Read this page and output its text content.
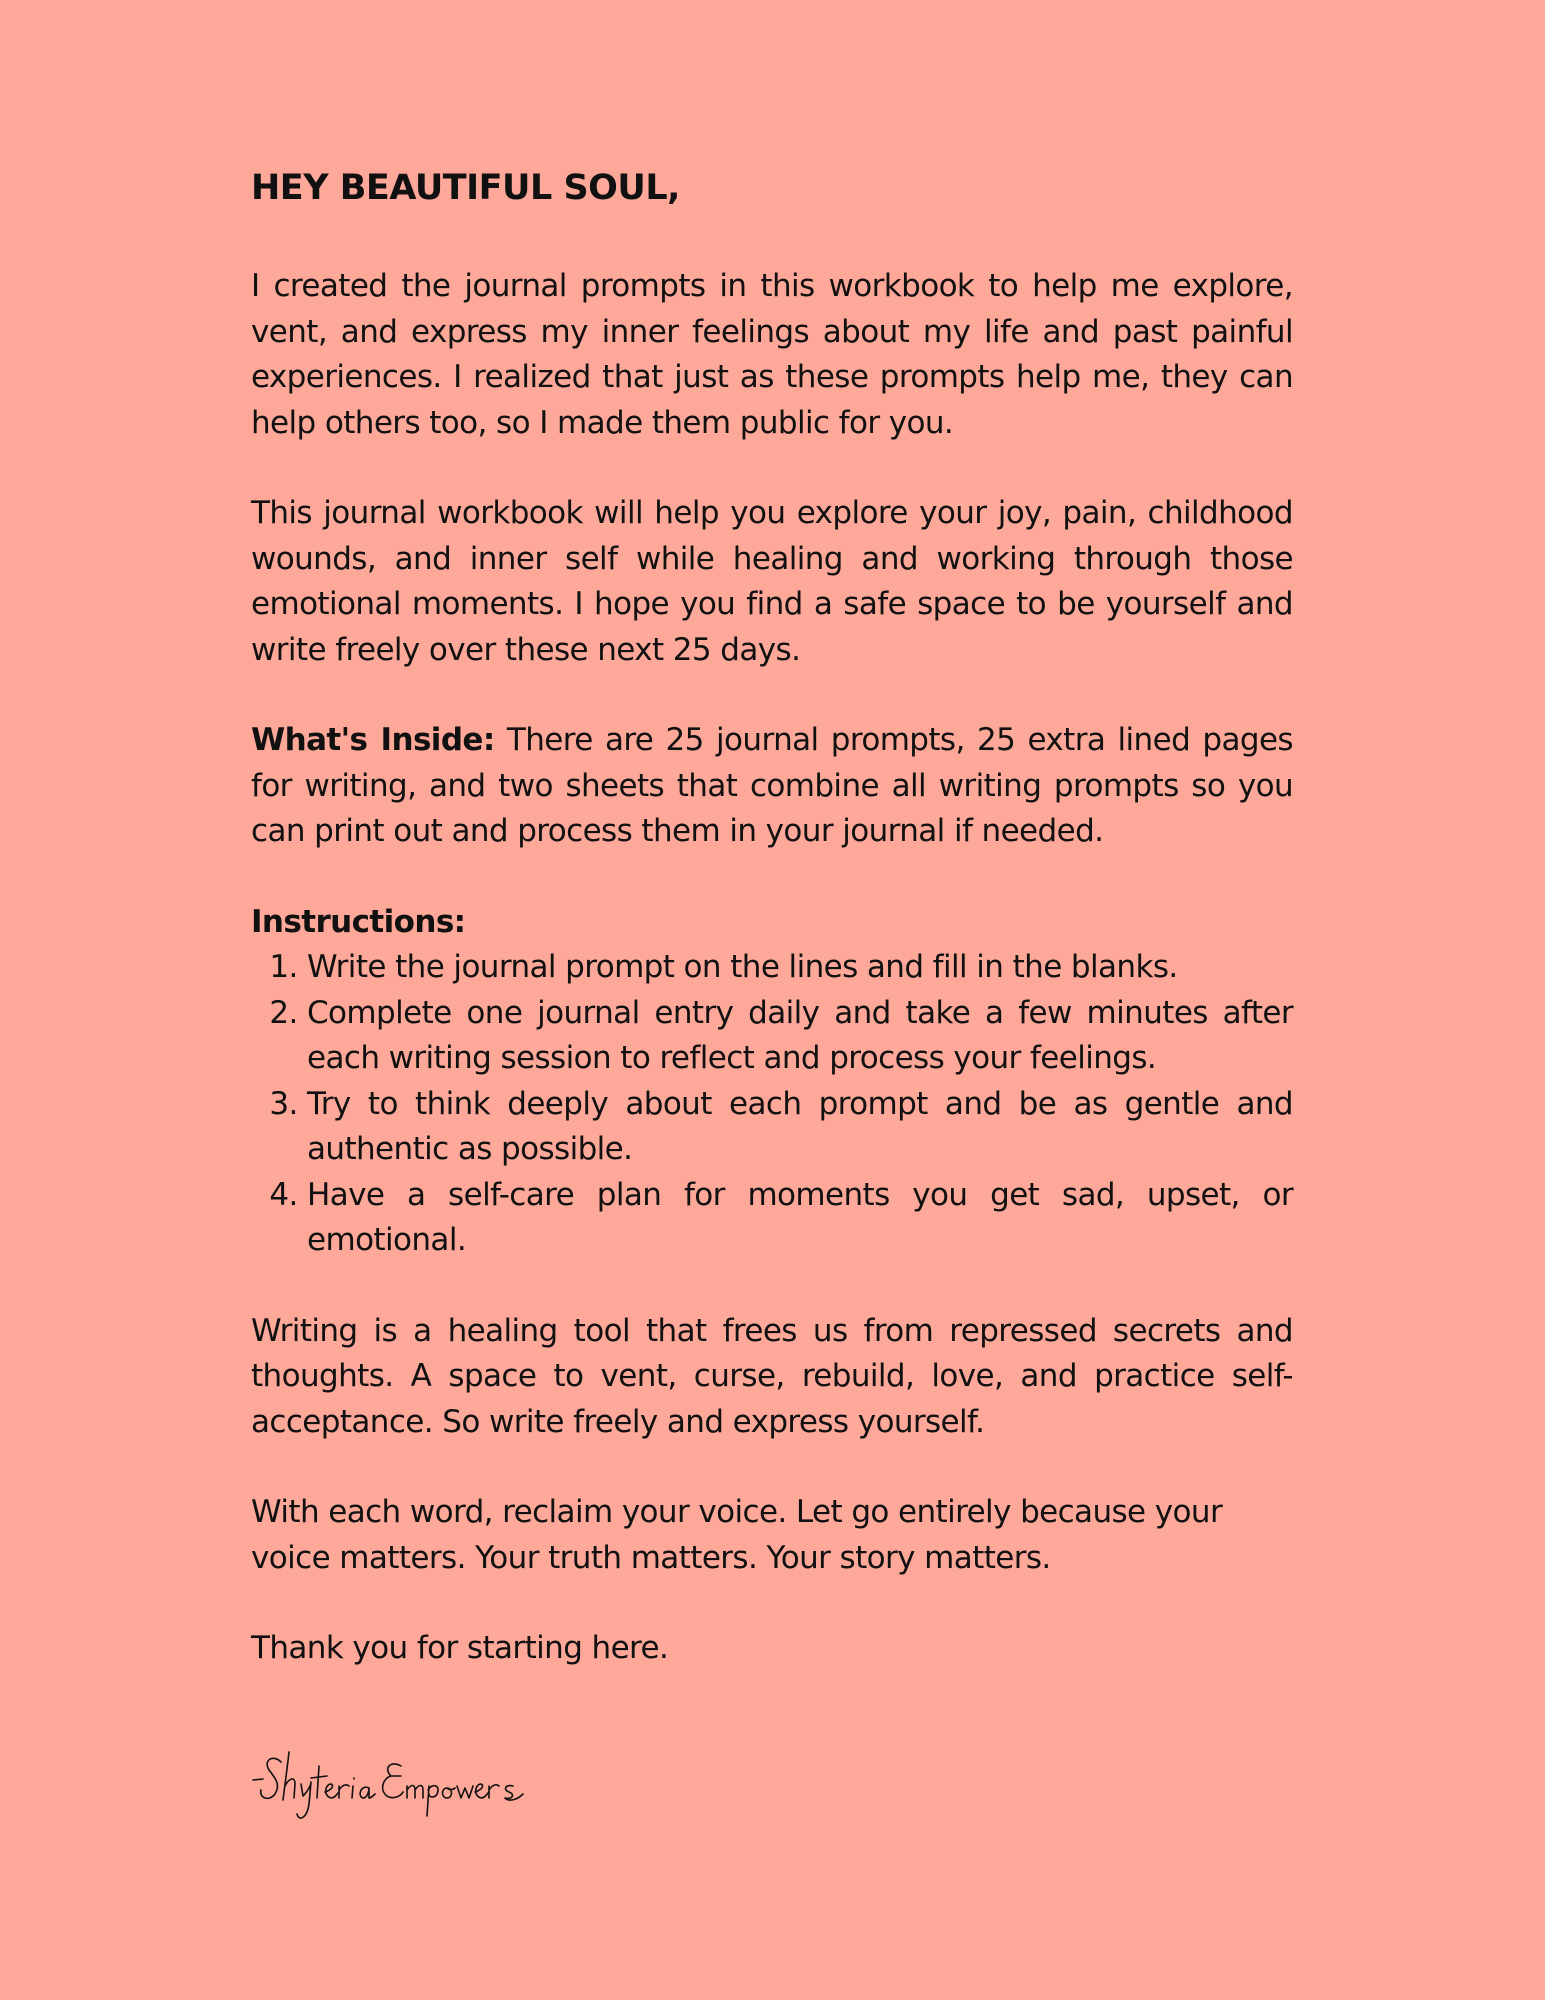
HEY BEAUTIFUL SOUL,

I created the journal prompts in this workbook to help me explore, vent, and express my inner feelings about my life and past painful experiences. I realized that just as these prompts help me, they can help others too, so I made them public for you.

This journal workbook will help you explore your joy, pain, childhood wounds, and inner self while healing and working through those emotional moments. I hope you find a safe space to be yourself and write freely over these next 25 days.

What's Inside: There are 25 journal prompts, 25 extra lined pages for writing, and two sheets that combine all writing prompts so you can print out and process them in your journal if needed.

Instructions:
1. Write the journal prompt on the lines and fill in the blanks.
2. Complete one journal entry daily and take a few minutes after each writing session to reflect and process your feelings.
3. Try to think deeply about each prompt and be as gentle and authentic as possible.
4. Have a self-care plan for moments you get sad, upset, or emotional.

Writing is a healing tool that frees us from repressed secrets and thoughts. A space to vent, curse, rebuild, love, and practice self-acceptance. So write freely and express yourself.

With each word, reclaim your voice. Let go entirely because your voice matters. Your truth matters. Your story matters.

Thank you for starting here.
